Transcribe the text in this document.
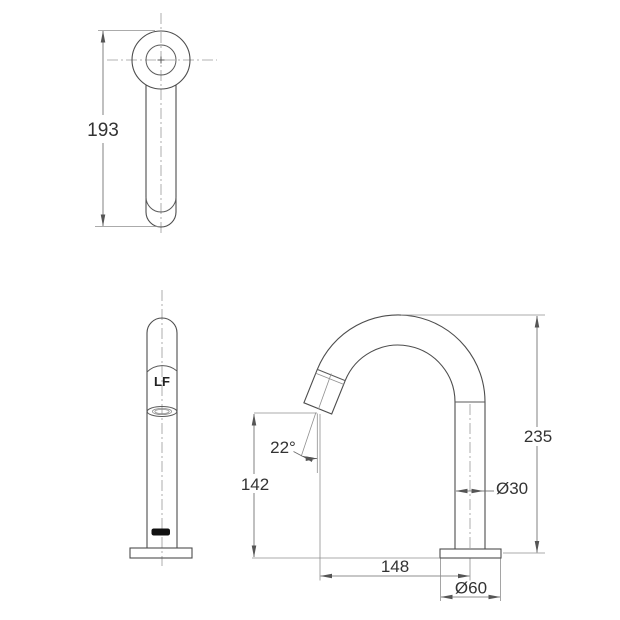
193
LF
142
235
Ø30
22°
148
Ø60
